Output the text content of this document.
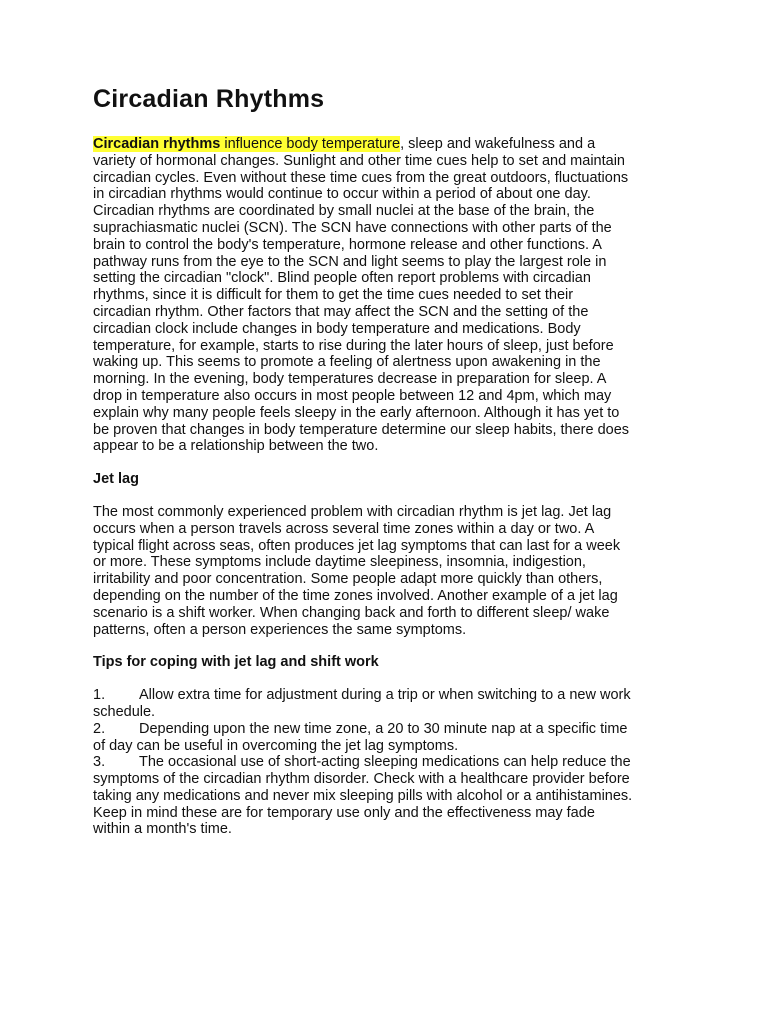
Circadian Rhythms

Circadian rhythms influence body temperature, sleep and wakefulness and a variety of hormonal changes. Sunlight and other time cues help to set and maintain circadian cycles. Even without these time cues from the great outdoors, fluctuations in circadian rhythms would continue to occur within a period of about one day. Circadian rhythms are coordinated by small nuclei at the base of the brain, the suprachiasmatic nuclei (SCN). The SCN have connections with other parts of the brain to control the body's temperature, hormone release and other functions. A pathway runs from the eye to the SCN and light seems to play the largest role in setting the circadian "clock". Blind people often report problems with circadian rhythms, since it is difficult for them to get the time cues needed to set their circadian rhythm. Other factors that may affect the SCN and the setting of the circadian clock include changes in body temperature and medications. Body temperature, for example, starts to rise during the later hours of sleep, just before waking up. This seems to promote a feeling of alertness upon awakening in the morning. In the evening, body temperatures decrease in preparation for sleep. A drop in temperature also occurs in most people between 12 and 4pm, which may explain why many people feels sleepy in the early afternoon. Although it has yet to be proven that changes in body temperature determine our sleep habits, there does appear to be a relationship between the two.

Jet lag

The most commonly experienced problem with circadian rhythm is jet lag. Jet lag occurs when a person travels across several time zones within a day or two. A typical flight across seas, often produces jet lag symptoms that can last for a week or more. These symptoms include daytime sleepiness, insomnia, indigestion, irritability and poor concentration. Some people adapt more quickly than others, depending on the number of the time zones involved. Another example of a jet lag scenario is a shift worker. When changing back and forth to different sleep/ wake patterns, often a person experiences the same symptoms.

Tips for coping with jet lag and shift work

1. Allow extra time for adjustment during a trip or when switching to a new work schedule.

2. Depending upon the new time zone, a 20 to 30 minute nap at a specific time of day can be useful in overcoming the jet lag symptoms.

3. The occasional use of short-acting sleeping medications can help reduce the symptoms of the circadian rhythm disorder. Check with a healthcare provider before taking any medications and never mix sleeping pills with alcohol or a antihistamines. Keep in mind these are for temporary use only and the effectiveness may fade within a month's time.
